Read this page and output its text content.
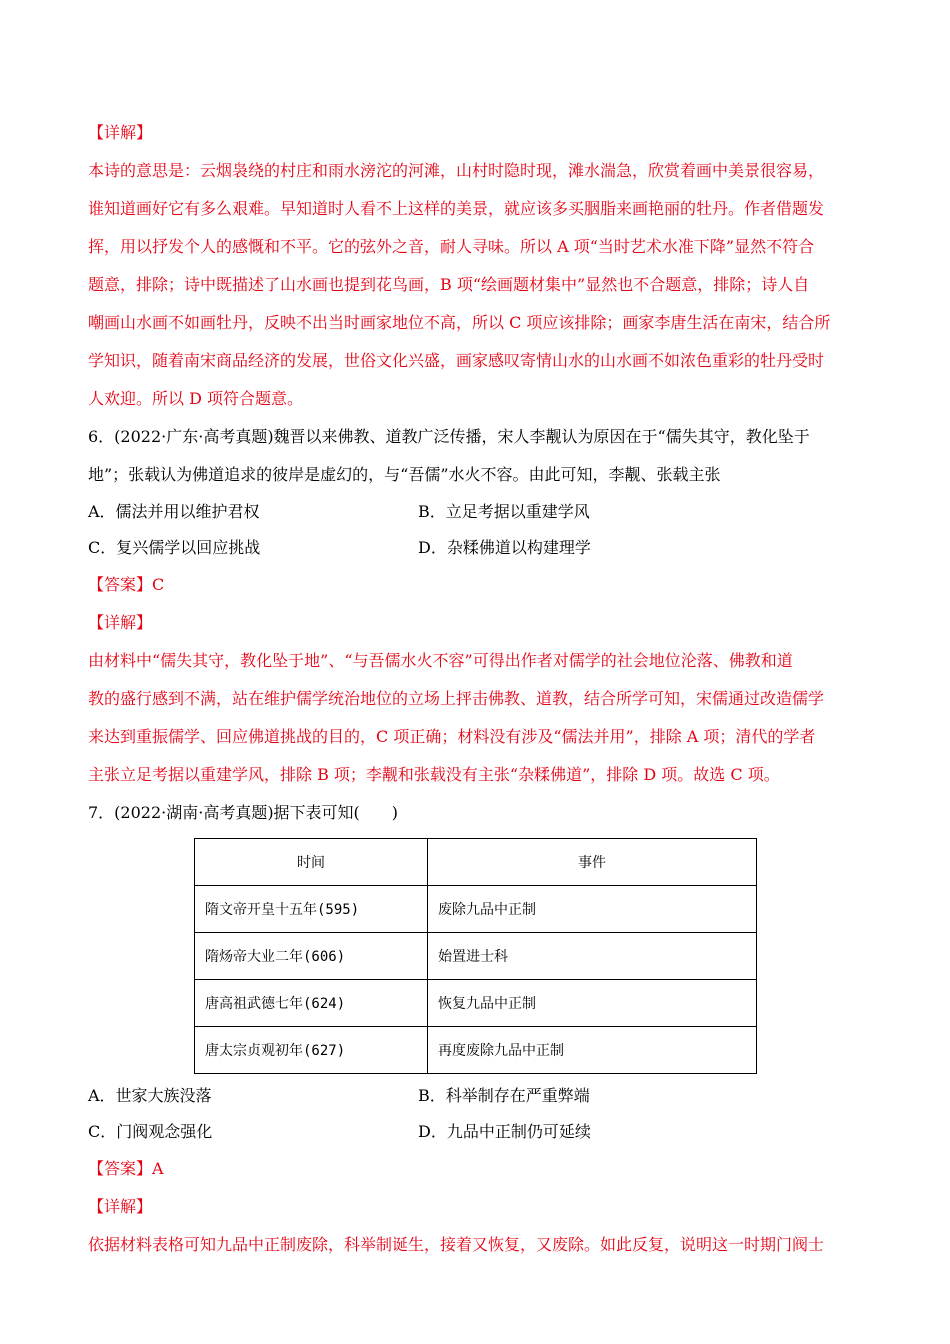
【详解】
本诗的意思是：云烟袅绕的村庄和雨水滂沱的河滩，山村时隐时现，滩水湍急，欣赏着画中美景很容易，
谁知道画好它有多么艰难。早知道时人看不上这样的美景，就应该多买胭脂来画艳丽的牡丹。作者借题发
挥，用以抒发个人的感慨和不平。它的弦外之音，耐人寻味。所以 A 项“当时艺术水准下降”显然不符合
题意，排除；诗中既描述了山水画也提到花鸟画，B 项“绘画题材集中”显然也不合题意，排除；诗人自
嘲画山水画不如画牡丹，反映不出当时画家地位不高，所以 C 项应该排除；画家李唐生活在南宋，结合所
学知识，随着南宋商品经济的发展，世俗文化兴盛，画家感叹寄情山水的山水画不如浓色重彩的牡丹受时
人欢迎。所以 D 项符合题意。
6．(2022·广东·高考真题)魏晋以来佛教、道教广泛传播，宋人李觏认为原因在于“儒失其守，教化坠于
地”；张载认为佛道追求的彼岸是虚幻的，与“吾儒”水火不容。由此可知，李觏、张载主张
A．儒法并用以维护君权	B．立足考据以重建学风
C．复兴儒学以回应挑战	D．杂糅佛道以构建理学
【答案】C
【详解】
由材料中“儒失其守，教化坠于地”、“与吾儒水火不容”可得出作者对儒学的社会地位沦落、佛教和道
教的盛行感到不满，站在维护儒学统治地位的立场上抨击佛教、道教，结合所学可知，宋儒通过改造儒学
来达到重振儒学、回应佛道挑战的目的，C 项正确；材料没有涉及“儒法并用”，排除 A 项；清代的学者
主张立足考据以重建学风，排除 B 项；李觏和张载没有主张“杂糅佛道”，排除 D 项。故选 C 项。
7．(2022·湖南·高考真题)据下表可知(　　)
时间	事件
隋文帝开皇十五年(595)	废除九品中正制
隋炀帝大业二年(606)	始置进士科
唐高祖武德七年(624)	恢复九品中正制
唐太宗贞观初年(627)	再度废除九品中正制
A．世家大族没落	B．科举制存在严重弊端
C．门阀观念强化	D．九品中正制仍可延续
【答案】A
【详解】
依据材料表格可知九品中正制废除，科举制诞生，接着又恢复，又废除。如此反复，说明这一时期门阀士
